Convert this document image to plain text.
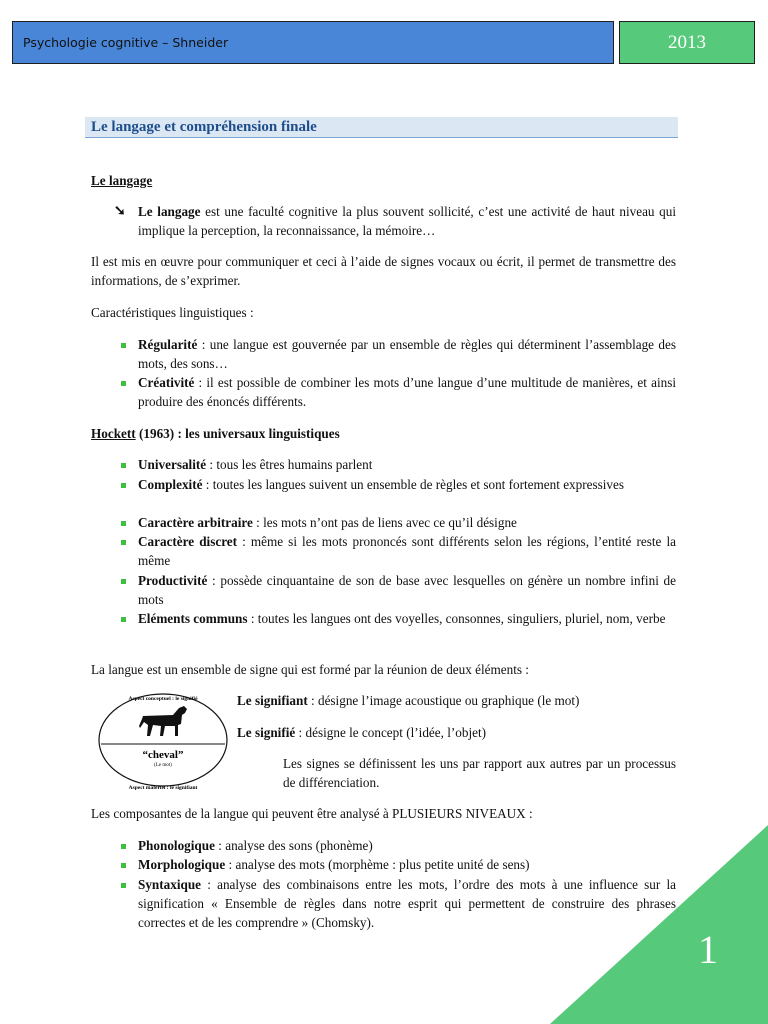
Psychologie cognitive – Shneider	2013
Le langage et compréhension finale
Le langage
➘ Le langage est une faculté cognitive la plus souvent sollicité, c’est une activité de haut niveau qui implique la perception, la reconnaissance, la mémoire…
Il est mis en œuvre pour communiquer et ceci à l’aide de signes vocaux ou écrit, il permet de transmettre des informations, de s’exprimer.
Caractéristiques linguistiques :
Régularité : une langue est gouvernée par un ensemble de règles qui déterminent l’assemblage des mots, des sons…
Créativité : il est possible de combiner les mots d’une langue d’une multitude de manières, et ainsi produire des énoncés différents.
Hockett (1963) : les universaux linguistiques
Universalité : tous les êtres humains parlent
Complexité : toutes les langues suivent un ensemble de règles et sont fortement expressives
Caractère arbitraire : les mots n’ont pas de liens avec ce qu’il désigne
Caractère discret : même si les mots prononcés sont différents selon les régions, l’entité reste la même
Productivité : possède cinquantaine de son de base avec lesquelles on génère un nombre infini de mots
Eléments communs : toutes les langues ont des voyelles, consonnes, singuliers, pluriel, nom, verbe
La langue est un ensemble de signe qui est formé par la réunion de deux éléments :
Aspect conceptuel : le signifié
“cheval”
(Le mot)
Aspect matériel : le signifiant
Le signifiant : désigne l’image acoustique ou graphique (le mot)
Le signifié : désigne le concept (l’idée, l’objet)
Les signes se définissent les uns par rapport aux autres par un processus de différenciation.
Les composantes de la langue qui peuvent être analysé à PLUSIEURS NIVEAUX :
Phonologique : analyse des sons (phonème)
Morphologique : analyse des mots (morphème : plus petite unité de sens)
Syntaxique : analyse des combinaisons entre les mots, l’ordre des mots à une influence sur la signification « Ensemble de règles dans notre esprit qui permettent de construire des phrases correctes et de les comprendre » (Chomsky).
1
